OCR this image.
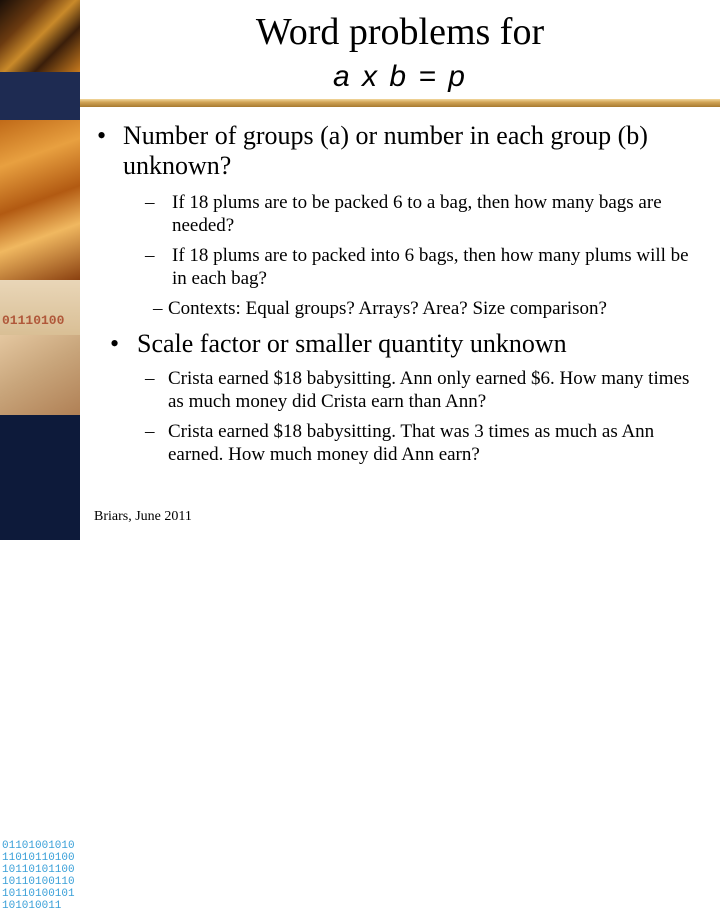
0110100101011010110100101101011001011010011010110100101101010011
01110100
Word problems for
a x b = p
• Number of groups (a) or number in each group (b) unknown?
– If 18 plums are to be packed 6 to a bag, then how many bags are needed?
– If 18 plums are to packed into 6 bags, then how many plums will be in each bag?
– Contexts: Equal groups? Arrays? Area? Size comparison?
• Scale factor or smaller quantity unknown
– Crista earned $18 babysitting. Ann only earned $6. How many times as much money did Crista earn than Ann?
– Crista earned $18 babysitting. That was 3 times as much as Ann earned. How much money did Ann earn?
Briars, June 2011
